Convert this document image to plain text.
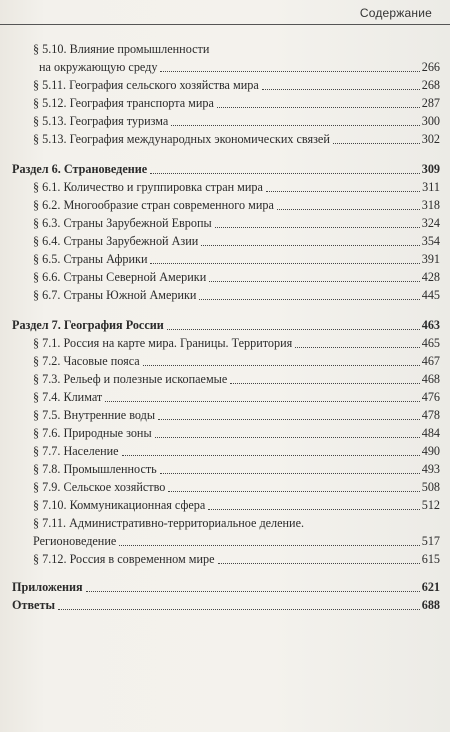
Содержание
§ 5.10. Влияние промышленности
на окружающую среду	266
§ 5.11. География сельского хозяйства мира	268
§ 5.12. География транспорта мира	287
§ 5.13. География туризма	300
§ 5.13. География международных экономических связей	302
Раздел 6. Страноведение	309
§ 6.1. Количество и группировка стран мира	311
§ 6.2. Многообразие стран современного мира	318
§ 6.3. Страны Зарубежной Европы	324
§ 6.4. Страны Зарубежной Азии	354
§ 6.5. Страны Африки	391
§ 6.6. Страны Северной Америки	428
§ 6.7. Страны Южной Америки	445
Раздел 7. География России	463
§ 7.1. Россия на карте мира. Границы. Территория	465
§ 7.2. Часовые пояса	467
§ 7.3. Рельеф и полезные ископаемые	468
§ 7.4. Климат	476
§ 7.5. Внутренние воды	478
§ 7.6. Природные зоны	484
§ 7.7. Население	490
§ 7.8. Промышленность	493
§ 7.9. Сельское хозяйство	508
§ 7.10. Коммуникационная сфера	512
§ 7.11. Административно-территориальное деление.
Регионоведение	517
§ 7.12. Россия в современном мире	615
Приложения	621
Ответы	688
